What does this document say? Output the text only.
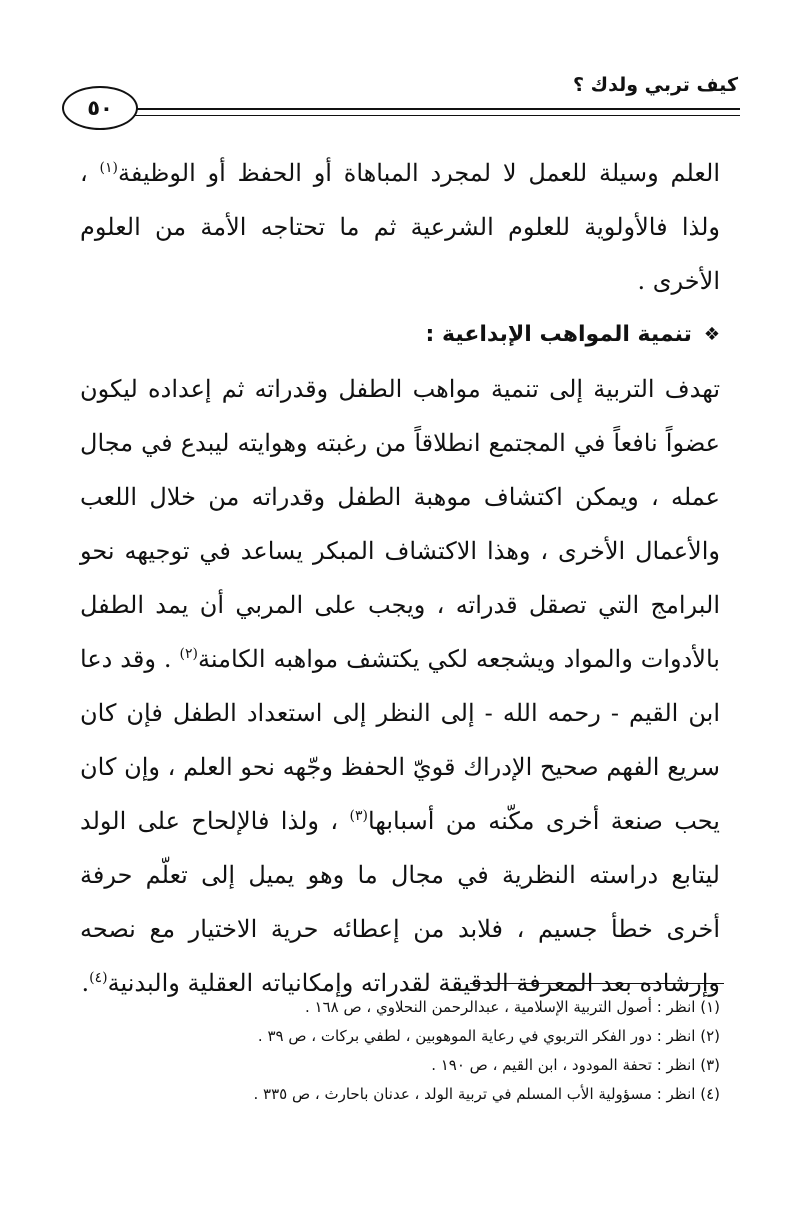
كيف تربي ولدك ؟
٥٠

العلم وسيلة للعمل لا لمجرد المباهاة أو الحفظ أو الوظيفة$^{(١)}$ ، ولذا فالأولوية للعلوم الشرعية ثم ما تحتاجه الأمة من العلوم الأخرى .

❖
تنمية المواهب الإبداعية :

تهدف التربية إلى تنمية مواهب الطفل وقدراته ثم إعداده ليكون عضواً نافعاً في المجتمع انطلاقاً من رغبته وهوايته ليبدع في مجال عمله ، ويمكن اكتشاف موهبة الطفل وقدراته من خلال اللعب والأعمال الأخرى ، وهذا الاكتشاف المبكر يساعد في توجيهه نحو البرامج التي تصقل قدراته ، ويجب على المربي أن يمد الطفل بالأدوات والمواد ويشجعه لكي يكتشف مواهبه الكامنة$^{(٢)}$ . وقد دعا ابن القيم - رحمه الله - إلى النظر إلى استعداد الطفل فإن كان سريع الفهم صحيح الإدراك قويّ الحفظ وجّهه نحو العلم ، وإن كان يحب صنعة أخرى مكّنه من أسبابها$^{(٣)}$ ، ولذا فالإلحاح على الولد ليتابع دراسته النظرية في مجال ما وهو يميل إلى تعلّم حرفة أخرى خطأ جسيم ، فلابد من إعطائه حرية الاختيار مع نصحه وإرشاده بعد المعرفة الدقيقة لقدراته وإمكانياته العقلية والبدنية$^{(٤)}$.

(١) انظر : أصول التربية الإسلامية ، عبدالرحمن النحلاوي ، ص ١٦٨ .
(٢) انظر : دور الفكر التربوي في رعاية الموهوبين ، لطفي بركات ، ص ٣٩ .
(٣) انظر : تحفة المودود ، ابن القيم ، ص ١٩٠ .
(٤) انظر : مسؤولية الأب المسلم في تربية الولد ، عدنان باحارث ، ص ٣٣٥ .
